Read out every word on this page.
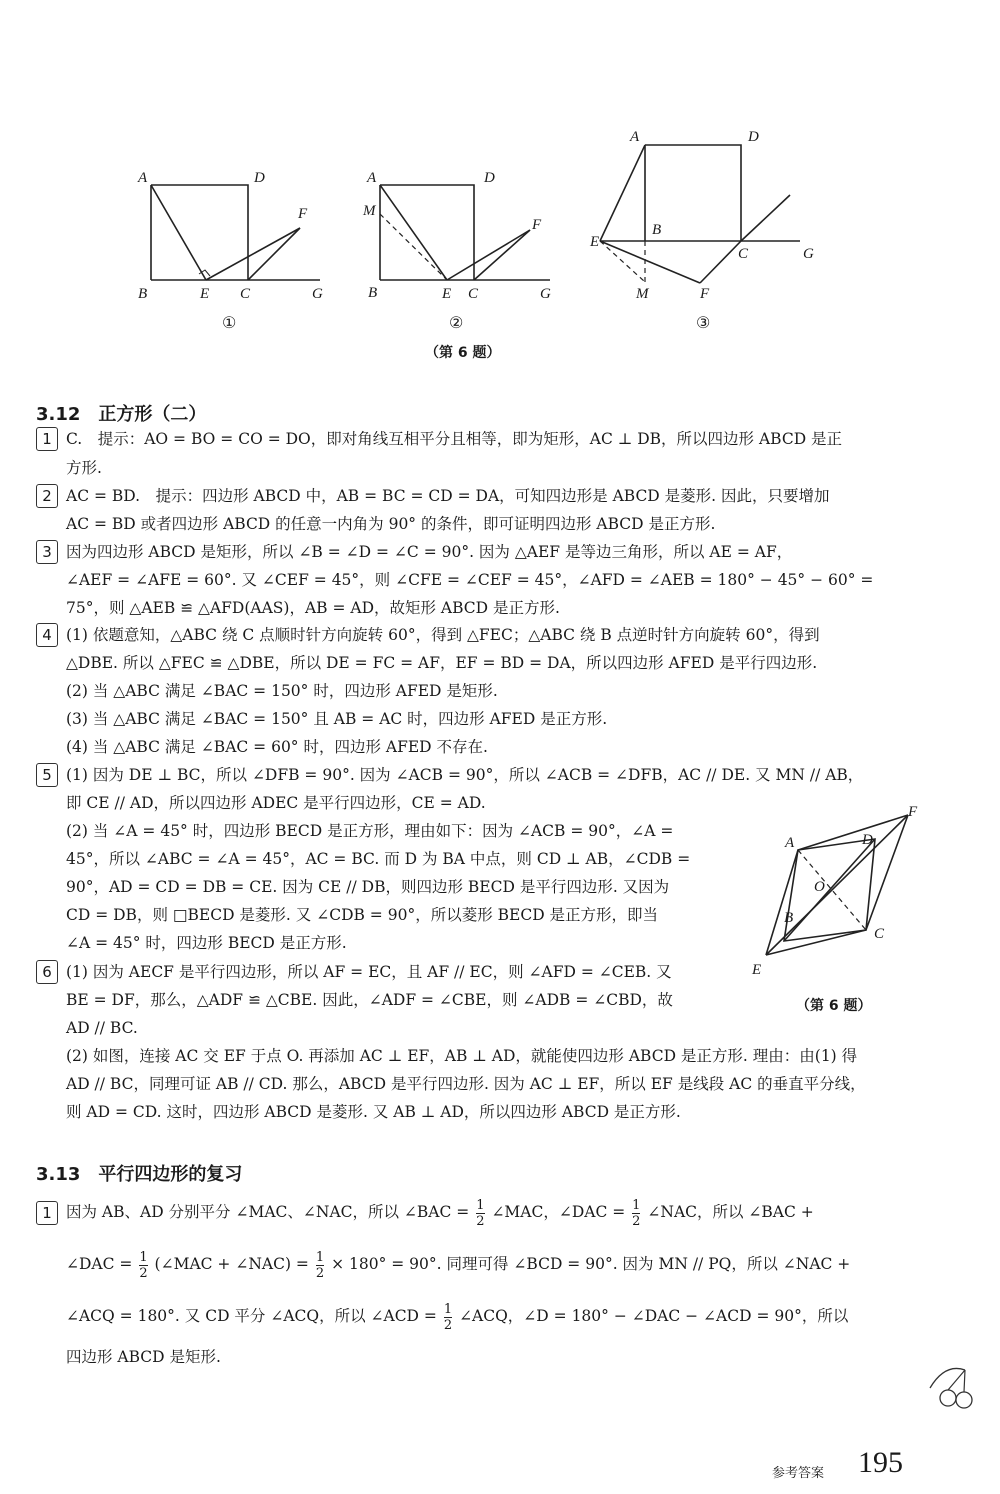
A	D
F
B	E C	G
①
A	D
M
F
B	E C	G
②
A	D
E
B
C	G
M	F
③
（第 6 题）
3.12 正方形（二）
1 C.　提示：AO = BO = CO = DO，即对角线互相平分且相等，即为矩形，AC ⊥ DB，所以四边形 ABCD 是正
方形.
2 AC = BD.　提示：四边形 ABCD 中，AB = BC = CD = DA，可知四边形是 ABCD 是菱形. 因此，只要增加
AC = BD 或者四边形 ABCD 的任意一内角为 90° 的条件，即可证明四边形 ABCD 是正方形.
3 因为四边形 ABCD 是矩形，所以 ∠B = ∠D = ∠C = 90°. 因为 △AEF 是等边三角形，所以 AE = AF，
∠AEF = ∠AFE = 60°. 又 ∠CEF = 45°，则 ∠CFE = ∠CEF = 45°，∠AFD = ∠AEB = 180° − 45° − 60° =
75°，则 △AEB ≌ △AFD(AAS)，AB = AD，故矩形 ABCD 是正方形.
4 (1) 依题意知，△ABC 绕 C 点顺时针方向旋转 60°，得到 △FEC；△ABC 绕 B 点逆时针方向旋转 60°，得到
△DBE. 所以 △FEC ≌ △DBE，所以 DE = FC = AF，EF = BD = DA，所以四边形 AFED 是平行四边形.
(2) 当 △ABC 满足 ∠BAC = 150° 时，四边形 AFED 是矩形.
(3) 当 △ABC 满足 ∠BAC = 150° 且 AB = AC 时，四边形 AFED 是正方形.
(4) 当 △ABC 满足 ∠BAC = 60° 时，四边形 AFED 不存在.
5 (1) 因为 DE ⊥ BC，所以 ∠DFB = 90°. 因为 ∠ACB = 90°，所以 ∠ACB = ∠DFB，AC // DE. 又 MN // AB，
即 CE // AD，所以四边形 ADEC 是平行四边形，CE = AD.
(2) 当 ∠A = 45° 时，四边形 BECD 是正方形，理由如下：因为 ∠ACB = 90°，∠A =
45°，所以 ∠ABC = ∠A = 45°，AC = BC. 而 D 为 BA 中点，则 CD ⊥ AB，∠CDB =
90°，AD = CD = DB = CE. 因为 CE // DB，则四边形 BECD 是平行四边形. 又因为
CD = DB，则 □BECD 是菱形. 又 ∠CDB = 90°，所以菱形 BECD 是正方形，即当
∠A = 45° 时，四边形 BECD 是正方形.
A	D
F
O
B
C
E
（第 6 题）
6 (1) 因为 AECF 是平行四边形，所以 AF = EC，且 AF // EC，则 ∠AFD = ∠CEB. 又
BE = DF，那么，△ADF ≌ △CBE. 因此，∠ADF = ∠CBE，则 ∠ADB = ∠CBD，故
AD // BC.
(2) 如图，连接 AC 交 EF 于点 O. 再添加 AC ⊥ EF，AB ⊥ AD，就能使四边形 ABCD 是正方形. 理由：由(1) 得
AD // BC，同理可证 AB // CD. 那么，ABCD 是平行四边形. 因为 AC ⊥ EF，所以 EF 是线段 AC 的垂直平分线，
则 AD = CD. 这时，四边形 ABCD 是菱形. 又 AB ⊥ AD，所以四边形 ABCD 是正方形.
3.13 平行四边形的复习
1 因为 AB、AD 分别平分 ∠MAC、∠NAC，所以 ∠BAC = $\frac{1}{2}$ ∠MAC，∠DAC = $\frac{1}{2}$ ∠NAC，所以 ∠BAC +
∠DAC = $\frac{1}{2}$ (∠MAC + ∠NAC) = $\frac{1}{2} \times 180^\circ = 90^\circ$. 同理可得 ∠BCD = 90°. 因为 MN // PQ，所以 ∠NAC +
∠ACQ = 180°. 又 CD 平分 ∠ACQ，所以 ∠ACD = $\frac{1}{2}$ ∠ACQ，∠D = 180° − ∠DAC − ∠ACD = 90°，所以
四边形 ABCD 是矩形.
参考答案 195
